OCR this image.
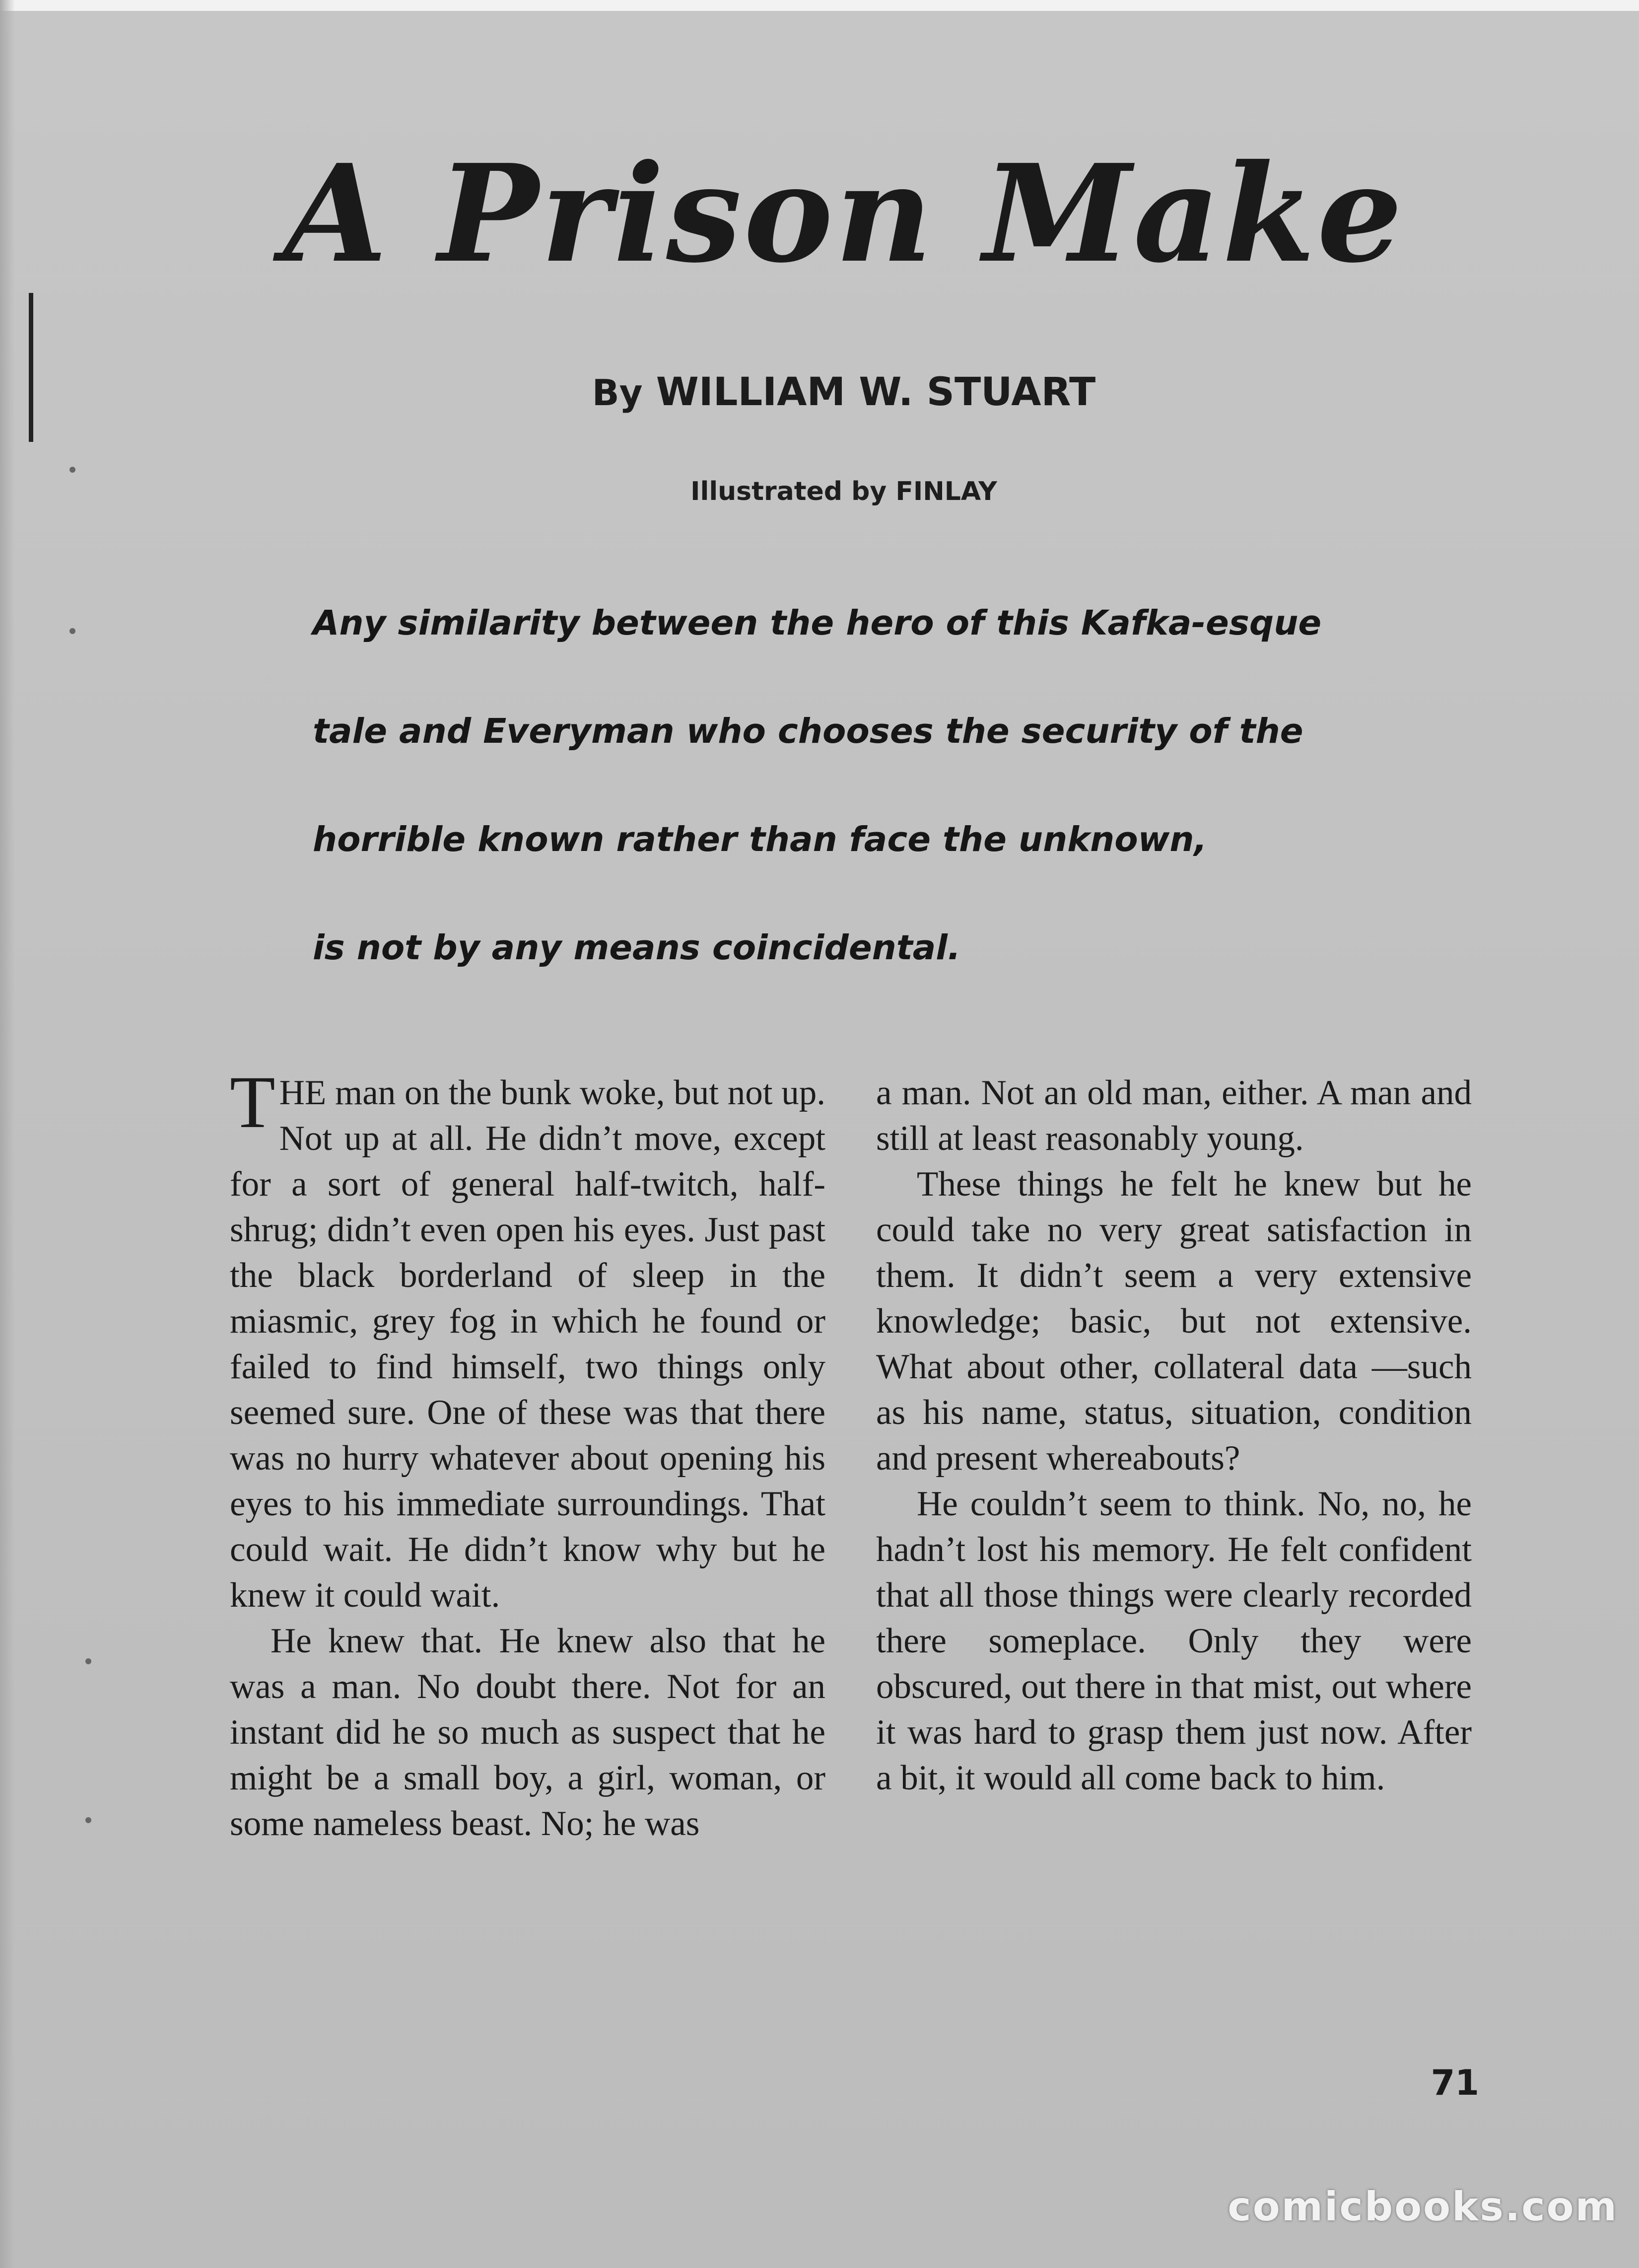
A Prison Make
By WILLIAM W. STUART
Illustrated by FINLAY
Any similarity between the hero of this Kafka-esque
tale and Everyman who chooses the security of the
horrible known rather than face the unknown,
is not by any means coincidental.

THE man on the bunk woke, but not up. Not up at all. He didn’t move, except for a sort of general half-twitch, half-shrug; didn’t even open his eyes. Just past the black borderland of sleep in the miasmic, grey fog in which he found or failed to find himself, two things only seemed sure. One of these was that there was no hurry whatever about opening his eyes to his immediate surroundings. That could wait. He didn’t know why but he knew it could wait.

He knew that. He knew also that he was a man. No doubt there. Not for an instant did he so much as suspect that he might be a small boy, a girl, woman, or some nameless beast. No; he was

a man. Not an old man, either. A man and still at least reasonably young.

These things he felt he knew but he could take no very great satisfaction in them. It didn’t seem a very extensive knowledge; basic, but not extensive. What about other, collateral data —such as his name, status, situation, condition and present whereabouts?

He couldn’t seem to think. No, no, he hadn’t lost his memory. He felt confident that all those things were clearly recorded there someplace. Only they were obscured, out there in that mist, out where it was hard to grasp them just now. After a bit, it would all come back to him.

71
comicbooks.com
